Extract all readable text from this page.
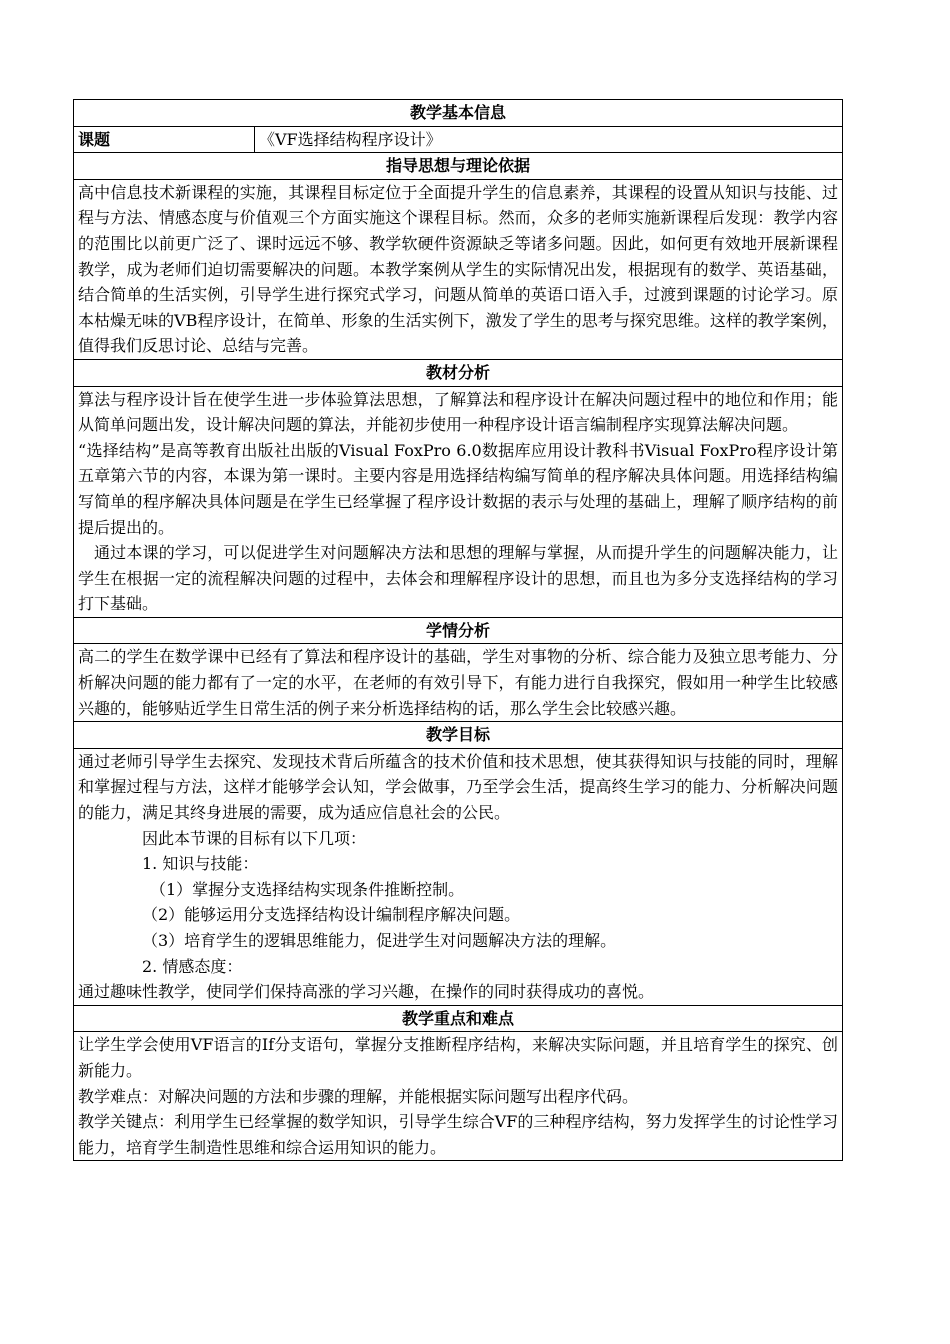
教学基本信息
课题	《VF选择结构程序设计》
指导思想与理论依据

高中信息技术新课程的实施，其课程目标定位于全面提升学生的信息素养，其课程的设置从知识与技能、过程与方法、情感态度与价值观三个方面实施这个课程目标。然而，众多的老师实施新课程后发现：教学内容的范围比以前更广泛了、课时远远不够、教学软硬件资源缺乏等诸多问题。因此，如何更有效地开展新课程教学，成为老师们迫切需要解决的问题。本教学案例从学生的实际情况出发，根据现有的数学、英语基础，结合简单的生活实例，引导学生进行探究式学习，问题从简单的英语口语入手，过渡到课题的讨论学习。原本枯燥无味的VB程序设计，在简单、形象的生活实例下，激发了学生的思考与探究思维。这样的教学案例，值得我们反思讨论、总结与完善。

教材分析

算法与程序设计旨在使学生进一步体验算法思想，了解算法和程序设计在解决问题过程中的地位和作用；能从简单问题出发，设计解决问题的算法，并能初步使用一种程序设计语言编制程序实现算法解决问题。

“选择结构”是高等教育出版社出版的Visual FoxPro 6.0数据库应用设计教科书Visual FoxPro程序设计第五章第六节的内容，本课为第一课时。主要内容是用选择结构编写简单的程序解决具体问题。用选择结构编写简单的程序解决具体问题是在学生已经掌握了程序设计数据的表示与处理的基础上，理解了顺序结构的前提后提出的。

通过本课的学习，可以促进学生对问题解决方法和思想的理解与掌握，从而提升学生的问题解决能力，让学生在根据一定的流程解决问题的过程中，去体会和理解程序设计的思想，而且也为多分支选择结构的学习打下基础。

学情分析

高二的学生在数学课中已经有了算法和程序设计的基础，学生对事物的分析、综合能力及独立思考能力、分析解决问题的能力都有了一定的水平，在老师的有效引导下，有能力进行自我探究，假如用一种学生比较感兴趣的，能够贴近学生日常生活的例子来分析选择结构的话，那么学生会比较感兴趣。

教学目标

通过老师引导学生去探究、发现技术背后所蕴含的技术价值和技术思想，使其获得知识与技能的同时，理解和掌握过程与方法，这样才能够学会认知，学会做事，乃至学会生活，提高终生学习的能力、分析解决问题的能力，满足其终身进展的需要，成为适应信息社会的公民。

因此本节课的目标有以下几项：

1. 知识与技能：

（1）掌握分支选择结构实现条件推断控制。

（2）能够运用分支选择结构设计编制程序解决问题。

（3）培育学生的逻辑思维能力，促进学生对问题解决方法的理解。

2. 情感态度：

通过趣味性教学，使同学们保持高涨的学习兴趣，在操作的同时获得成功的喜悦。

教学重点和难点

让学生学会使用VF语言的If分支语句，掌握分支推断程序结构，来解决实际问题，并且培育学生的探究、创新能力。

教学难点：对解决问题的方法和步骤的理解，并能根据实际问题写出程序代码。

教学关键点：利用学生已经掌握的数学知识，引导学生综合VF的三种程序结构，努力发挥学生的讨论性学习能力，培育学生制造性思维和综合运用知识的能力。
